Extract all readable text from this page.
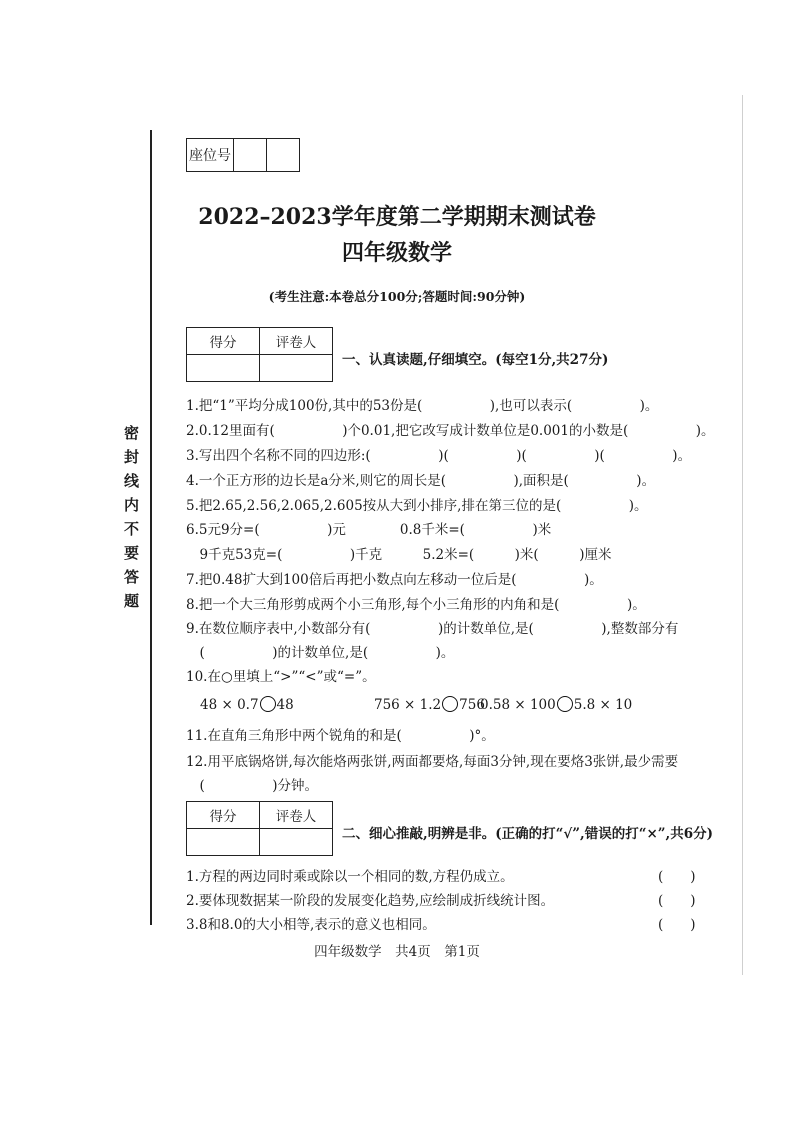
密封线内不要答题
座位号		
2022–2023学年度第二学期期末测试卷
四年级数学
(考生注意:本卷总分100分;答题时间:90分钟)
得分	评卷人

一、认真读题,仔细填空。(每空1分,共27分)
1.把“1”平均分成100份,其中的53份是(　　　　　),也可以表示(　　　　　)。
2.0.12里面有(　　　　　)个0.01,把它改写成计数单位是0.001的小数是(　　　　　)。
3.写出四个名称不同的四边形:(　　　　　)(　　　　　)(　　　　　)(　　　　　)。
4.一个正方形的边长是a分米,则它的周长是(　　　　　),面积是(　　　　　)。
5.把2.65,2.56,2.065,2.605按从大到小排序,排在第三位的是(　　　　　)。
6.5元9分=(　　　　　)元　　　　0.8千米=(　　　　　)米
　9千克53克=(　　　　　)千克　　　5.2米=(　　　)米(　　　)厘米
7.把0.48扩大到100倍后再把小数点向左移动一位后是(　　　　　)。
8.把一个大三角形剪成两个小三角形,每个小三角形的内角和是(　　　　　)。
9.在数位顺序表中,小数部分有(　　　　　)的计数单位,是(　　　　　),整数部分有
　(　　　　　)的计数单位,是(　　　　　)。
10.在○里填上“>”“<”或“=”。
48 × 0.7 48	756 × 1.2 756
0.58 × 100 5.8 × 10
11.在直角三角形中两个锐角的和是(　　　　　)°。
12.用平底锅烙饼,每次能烙两张饼,两面都要烙,每面3分钟,现在要烙3张饼,最少需要
　(　　　　　)分钟。
得分	评卷人

二、细心推敲,明辨是非。(正确的打“√”,错误的打“×”,共6分)
1.方程的两边同时乘或除以一个相同的数,方程仍成立。	(　　)
2.要体现数据某一阶段的发展变化趋势,应绘制成折线统计图。	(　　)
3.8和8.0的大小相等,表示的意义也相同。	(　　)
四年级数学　共4页　第1页
